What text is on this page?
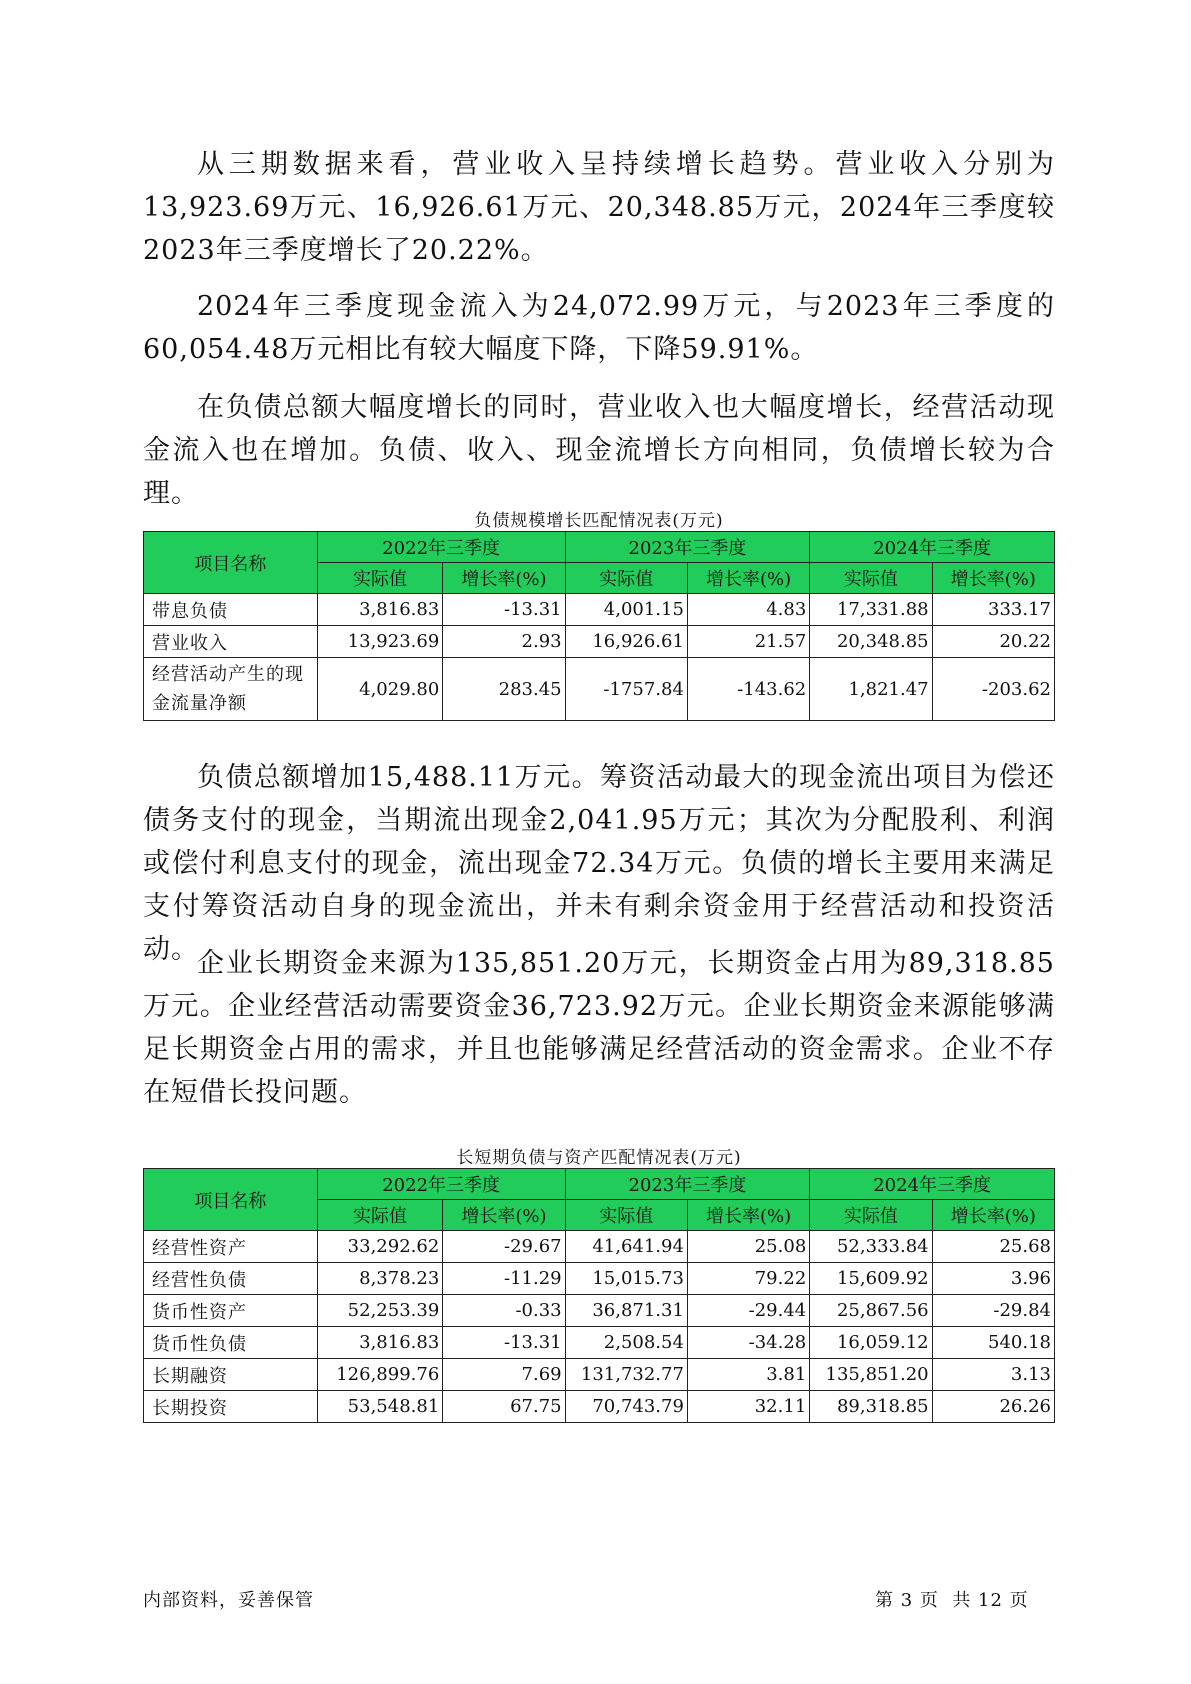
从三期数据来看，营业收入呈持续增长趋势。营业收入分别为13,923.69万元、16,926.61万元、20,348.85万元，2024年三季度较2023年三季度增长了20.22%。

2024年三季度现金流入为24,072.99万元，与2023年三季度的60,054.48万元相比有较大幅度下降，下降59.91%。

在负债总额大幅度增长的同时，营业收入也大幅度增长，经营活动现金流入也在增加。负债、收入、现金流增长方向相同，负债增长较为合理。

负债规模增长匹配情况表(万元)
项目名称	2022年三季度		2023年三季度		2024年三季度	
	实际值	增长率(%)	实际值	增长率(%)	实际值	增长率(%)
带息负债	3,816.83	-13.31	4,001.15	4.83	17,331.88	333.17
营业收入	13,923.69	2.93	16,926.61	21.57	20,348.85	20.22
经营活动产生的现
金流量净额	4,029.80	283.45	-1757.84	-143.62	1,821.47	-203.62

负债总额增加15,488.11万元。筹资活动最大的现金流出项目为偿还债务支付的现金，当期流出现金2,041.95万元；其次为分配股利、利润或偿付利息支付的现金，流出现金72.34万元。负债的增长主要用来满足支付筹资活动自身的现金流出，并未有剩余资金用于经营活动和投资活动。

企业长期资金来源为135,851.20万元，长期资金占用为89,318.85万元。企业经营活动需要资金36,723.92万元。企业长期资金来源能够满足长期资金占用的需求，并且也能够满足经营活动的资金需求。企业不存在短借长投问题。

长短期负债与资产匹配情况表(万元)
项目名称	2022年三季度		2023年三季度		2024年三季度	
	实际值	增长率(%)	实际值	增长率(%)	实际值	增长率(%)
经营性资产	33,292.62	-29.67	41,641.94	25.08	52,333.84	25.68
经营性负债	8,378.23	-11.29	15,015.73	79.22	15,609.92	3.96
货币性资产	52,253.39	-0.33	36,871.31	-29.44	25,867.56	-29.84
货币性负债	3,816.83	-13.31	2,508.54	-34.28	16,059.12	540.18
长期融资	126,899.76	7.69	131,732.77	3.81	135,851.20	3.13
长期投资	53,548.81	67.75	70,743.79	32.11	89,318.85	26.26
内部资料，妥善保管	第 3 页  共 12 页
